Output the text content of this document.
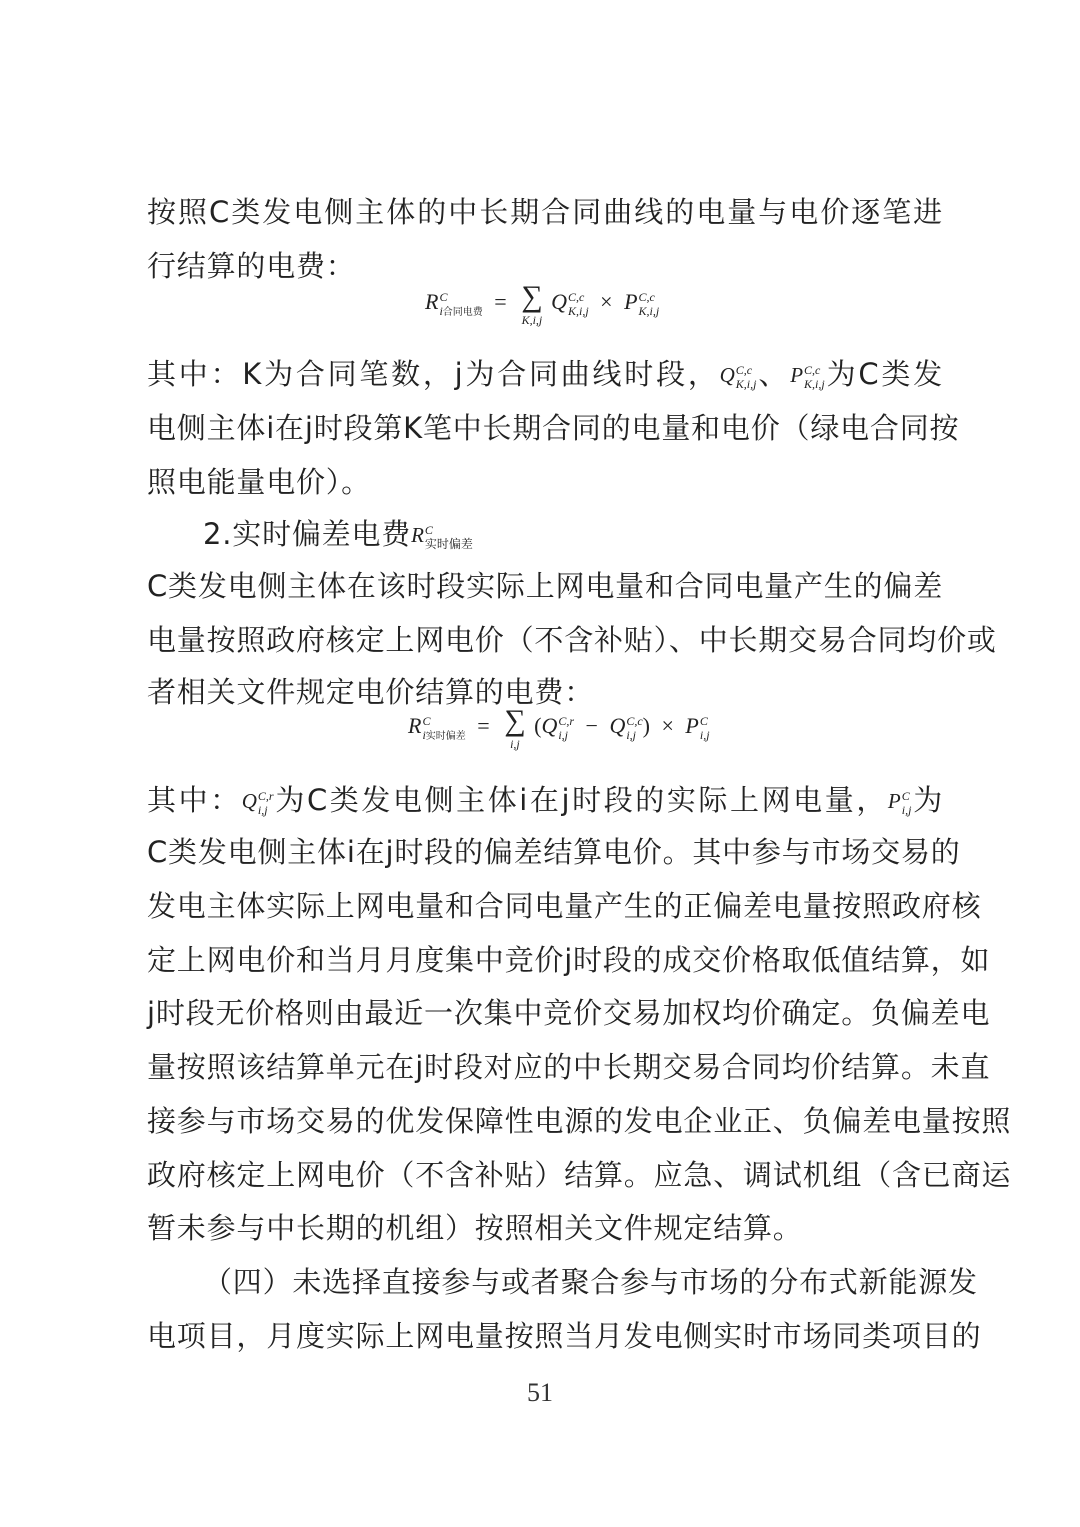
按照C类发电侧主体的中长期合同曲线的电量与电价逐笔进
行结算的电费：
R C
i合同电费 = ∑
K,i,j
Q C,c
K,i,j × P C,c
K,i,j
其中：K为合同笔数，j为合同曲线时段，Q C,c
K,i,j 、P C,c
K,i,j 为C类发
电侧主体i在j时段第K笔中长期合同的电量和电价（绿电合同按
照电能量电价）。
2.实时偏差电费R C
实时偏差
C类发电侧主体在该时段实际上网电量和合同电量产生的偏差
电量按照政府核定上网电价（不含补贴）、中长期交易合同均价或
者相关文件规定电价结算的电费：
R C
i实时偏差 = ∑
i,j
(Q C,r
i,j − Q C,c
i,j ) × P C
i,j
其中：Q C,r
i,j 为C类发电侧主体i在j时段的实际上网电量，P C
i,j 为
C类发电侧主体i在j时段的偏差结算电价。其中参与市场交易的
发电主体实际上网电量和合同电量产生的正偏差电量按照政府核
定上网电价和当月月度集中竞价j时段的成交价格取低值结算，如
j时段无价格则由最近一次集中竞价交易加权均价确定。负偏差电
量按照该结算单元在j时段对应的中长期交易合同均价结算。未直
接参与市场交易的优发保障性电源的发电企业正、负偏差电量按照
政府核定上网电价（不含补贴）结算。应急、调试机组（含已商运
暂未参与中长期的机组）按照相关文件规定结算。
（四）未选择直接参与或者聚合参与市场的分布式新能源发
电项目，月度实际上网电量按照当月发电侧实时市场同类项目的
51
